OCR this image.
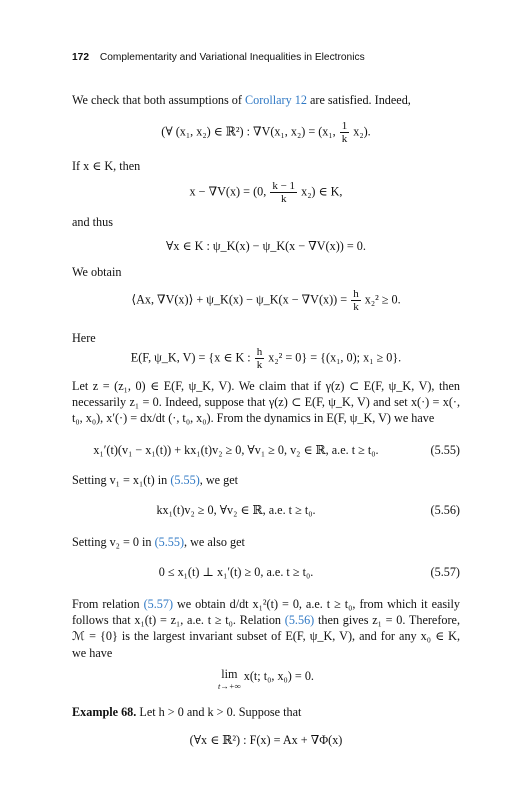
172 Complementarity and Variational Inequalities in Electronics
We check that both assumptions of Corollary 12 are satisfied. Indeed,
(∀ (x₁, x₂) ∈ ℝ²) : ∇V(x₁, x₂) = (x₁, $\frac{1}{k} x_2$).
If x ∈ K, then
x − ∇V(x) = (0, $\frac{k - 1}{k} x_2$) ∈ K,
and thus
∀x ∈ K : ψ_K(x) − ψ_K(x − ∇V(x)) = 0.
We obtain
⟨Ax, ∇V(x)⟩ + ψ_K(x) − ψ_K(x − $\nabla V(x)) = \frac{h}{k} x_2^2 \ge 0$.
Here
E(F, ψ_K, V) = {x ∈ K : $\frac{h}{k} x_2^2 = 0\} = \{(x_1$, 0); x₁ ≥ 0}.
Let z = (z₁, 0) ∈ E(F, ψ_K, V). We claim that if γ(z) ⊂ E(F, ψ_K, V), then necessarily z₁ = 0. Indeed, suppose that γ(z) ⊂ E(F, ψ_K, V) and set x(·) = x(·, t₀, x₀), x′(·) = dx/dt (·, t₀, x₀). From the dynamics in E(F, ψ_K, V) we have
x₁′(t)(v₁ − x₁(t)) + kx₁(t)v₂ ≥ 0, ∀v₁ ≥ 0, v₂ ∈ ℝ, a.e. t ≥ t₀.	(5.55)
Setting v₁ = x₁(t) in (5.55), we get
kx₁(t)v₂ ≥ 0, ∀v₂ ∈ ℝ, a.e. t ≥ t₀.	(5.56)
Setting v₂ = 0 in (5.55), we also get
0 ≤ x₁(t) ⊥ x₁′(t) ≥ 0, a.e. t ≥ t₀.	(5.57)
From relation (5.57) we obtain d/dt x₁²(t) = 0, a.e. t ≥ t₀, from which it easily follows that x₁(t) = z₁, a.e. t ≥ t₀. Relation (5.56) then gives z₁ = 0. Therefore, ℳ = {0} is the largest invariant subset of E(F, ψ_K, V), and for any x₀ ∈ K, we have
lim
t→+∞
x(t; t₀, x₀) = 0.
Example 68. Let h > 0 and k > 0. Suppose that
(∀x ∈ ℝ²) : F(x) = Ax + ∇Φ(x)
